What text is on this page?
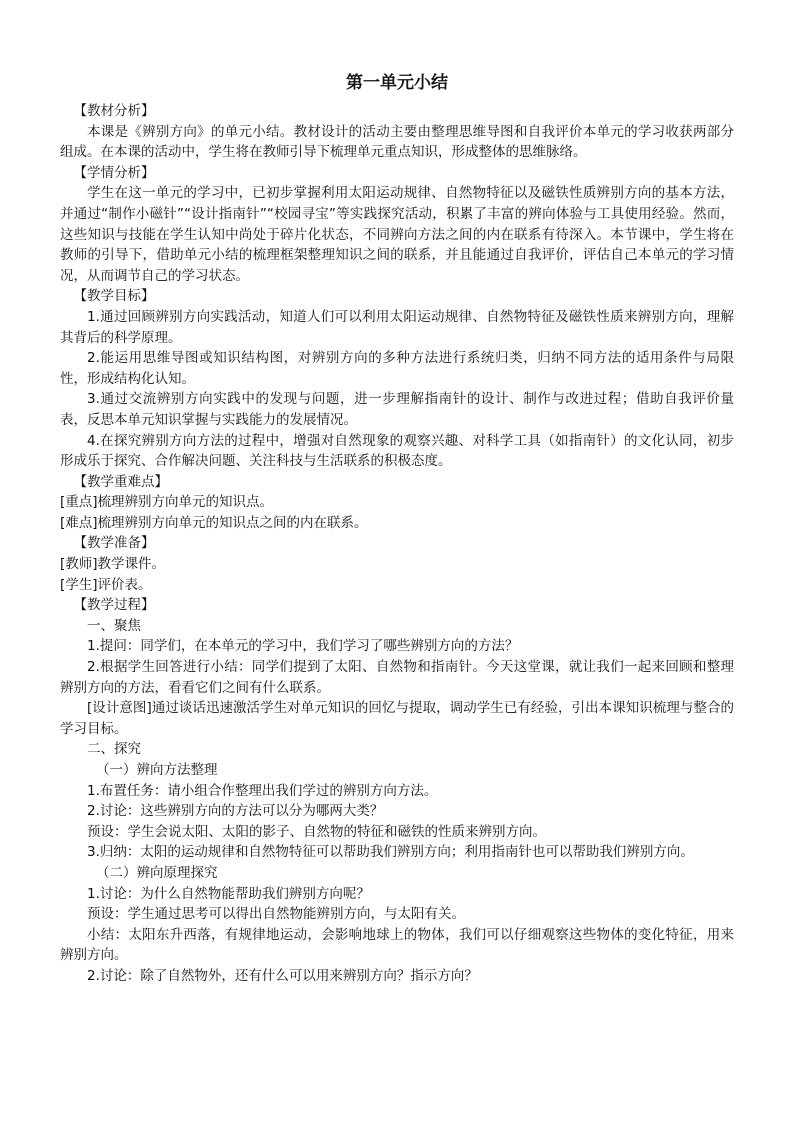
第一单元小结

【教材分析】

本课是《辨别方向》的单元小结。教材设计的活动主要由整理思维导图和自我评价本单元的学习收获两部分组成。在本课的活动中，学生将在教师引导下梳理单元重点知识，形成整体的思维脉络。

【学情分析】

学生在这一单元的学习中，已初步掌握利用太阳运动规律、自然物特征以及磁铁性质辨别方向的基本方法，并通过“制作小磁针”“设计指南针”“校园寻宝”等实践探究活动，积累了丰富的辨向体验与工具使用经验。然而，这些知识与技能在学生认知中尚处于碎片化状态，不同辨向方法之间的内在联系有待深入。本节课中，学生将在教师的引导下，借助单元小结的梳理框架整理知识之间的联系，并且能通过自我评价，评估自己本单元的学习情况，从而调节自己的学习状态。

【教学目标】

1.通过回顾辨别方向实践活动，知道人们可以利用太阳运动规律、自然物特征及磁铁性质来辨别方向，理解其背后的科学原理。

2.能运用思维导图或知识结构图，对辨别方向的多种方法进行系统归类，归纳不同方法的适用条件与局限性，形成结构化认知。

3.通过交流辨别方向实践中的发现与问题，进一步理解指南针的设计、制作与改进过程；借助自我评价量表，反思本单元知识掌握与实践能力的发展情况。

4.在探究辨别方向方法的过程中，增强对自然现象的观察兴趣、对科学工具（如指南针）的文化认同，初步形成乐于探究、合作解决问题、关注科技与生活联系的积极态度。

【教学重难点】

[重点]梳理辨别方向单元的知识点。

[难点]梳理辨别方向单元的知识点之间的内在联系。

【教学准备】

[教师]教学课件。

[学生]评价表。

【教学过程】

一、聚焦

1.提问：同学们，在本单元的学习中，我们学习了哪些辨别方向的方法？

2.根据学生回答进行小结：同学们提到了太阳、自然物和指南针。今天这堂课，就让我们一起来回顾和整理辨别方向的方法，看看它们之间有什么联系。

[设计意图]通过谈话迅速激活学生对单元知识的回忆与提取，调动学生已有经验，引出本课知识梳理与整合的学习目标。

二、探究

（一）辨向方法整理

1.布置任务：请小组合作整理出我们学过的辨别方向方法。

2.讨论：这些辨别方向的方法可以分为哪两大类？

预设：学生会说太阳、太阳的影子、自然物的特征和磁铁的性质来辨别方向。

3.归纳：太阳的运动规律和自然物特征可以帮助我们辨别方向；利用指南针也可以帮助我们辨别方向。

（二）辨向原理探究

1.讨论：为什么自然物能帮助我们辨别方向呢？

预设：学生通过思考可以得出自然物能辨别方向，与太阳有关。

小结：太阳东升西落，有规律地运动，会影响地球上的物体，我们可以仔细观察这些物体的变化特征，用来辨别方向。

2.讨论：除了自然物外，还有什么可以用来辨别方向？指示方向？
